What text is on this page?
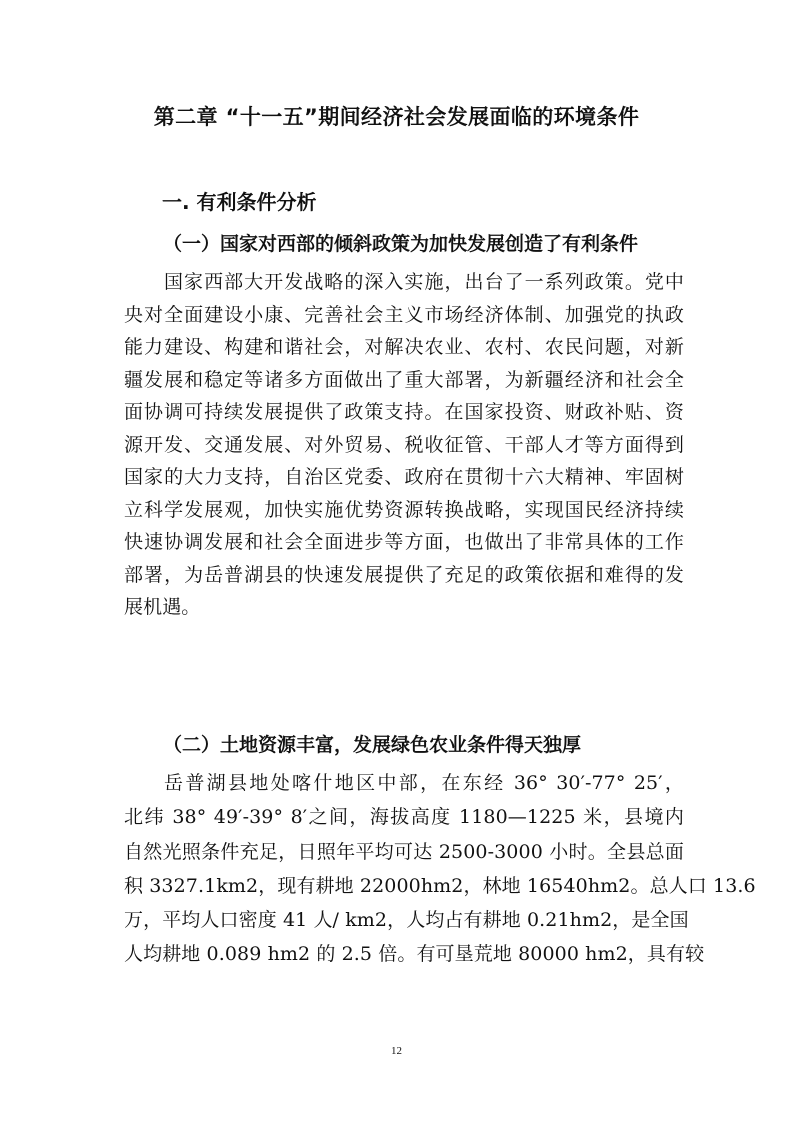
第二章 “十一五”期间经济社会发展面临的环境条件
一. 有利条件分析
（一）国家对西部的倾斜政策为加快发展创造了有利条件
国家西部大开发战略的深入实施，出台了一系列政策。党中
央对全面建设小康、完善社会主义市场经济体制、加强党的执政
能力建设、构建和谐社会，对解决农业、农村、农民问题，对新
疆发展和稳定等诸多方面做出了重大部署，为新疆经济和社会全
面协调可持续发展提供了政策支持。在国家投资、财政补贴、资
源开发、交通发展、对外贸易、税收征管、干部人才等方面得到
国家的大力支持，自治区党委、政府在贯彻十六大精神、牢固树
立科学发展观，加快实施优势资源转换战略，实现国民经济持续
快速协调发展和社会全面进步等方面，也做出了非常具体的工作
部署，为岳普湖县的快速发展提供了充足的政策依据和难得的发
展机遇。
（二）土地资源丰富，发展绿色农业条件得天独厚
岳普湖县地处喀什地区中部，在东经 36° 30′-77° 25′，
北纬 38° 49′-39° 8′之间，海拔高度 1180—1225 米，县境内
自然光照条件充足，日照年平均可达 2500-3000 小时。全县总面
积 3327.1km2，现有耕地 22000hm2，林地 16540hm2。总人口 13.6
万，平均人口密度 41 人/ km2，人均占有耕地 0.21hm2，是全国
人均耕地 0.089 hm2 的 2.5 倍。有可垦荒地 80000 hm2，具有较
12
